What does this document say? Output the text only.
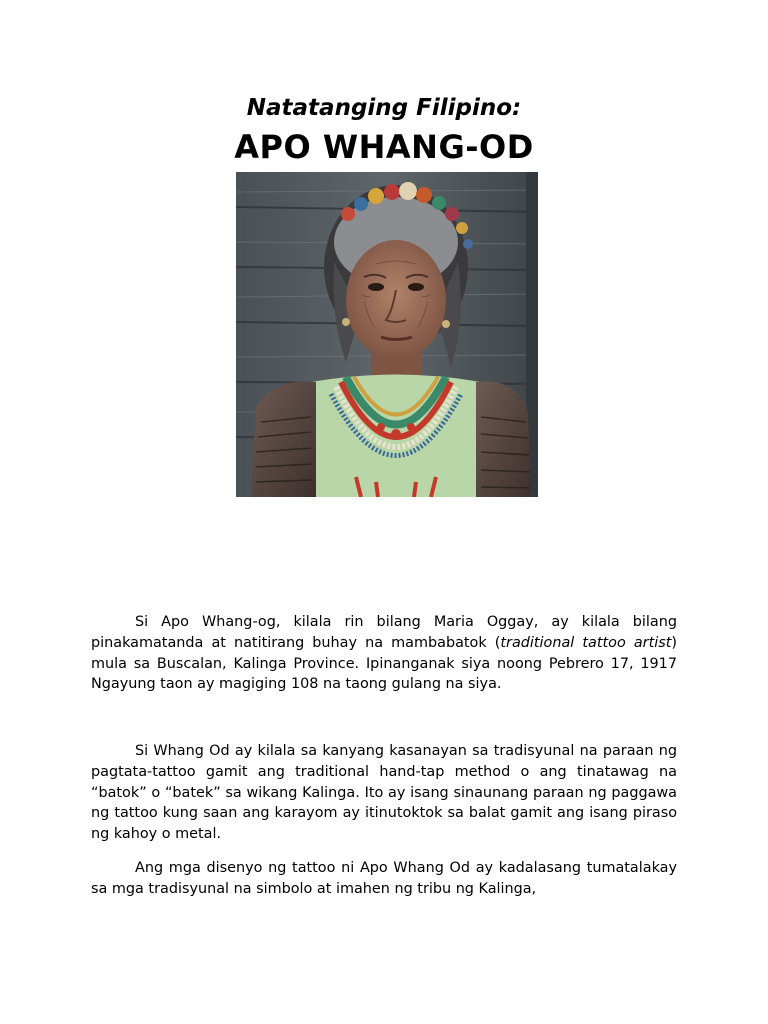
Natatanging Filipino:
APO WHANG-OD

Si Apo Whang-og, kilala rin bilang Maria Oggay, ay kilala bilang pinakamatanda at natitirang buhay na mambabatok (traditional tattoo artist) mula sa Buscalan, Kalinga Province. Ipinanganak siya noong Pebrero 17, 1917 Ngayung taon ay magiging 108 na taong gulang na siya.

Si Whang Od ay kilala sa kanyang kasanayan sa tradisyunal na paraan ng pagtata-tattoo gamit ang traditional hand-tap method o ang tinatawag na “batok” o “batek” sa wikang Kalinga. Ito ay isang sinaunang paraan ng paggawa ng tattoo kung saan ang karayom ay itinutoktok sa balat gamit ang isang piraso ng kahoy o metal.

Ang mga disenyo ng tattoo ni Apo Whang Od ay kadalasang tumatalakay sa mga tradisyunal na simbolo at imahen ng tribu ng Kalinga,
